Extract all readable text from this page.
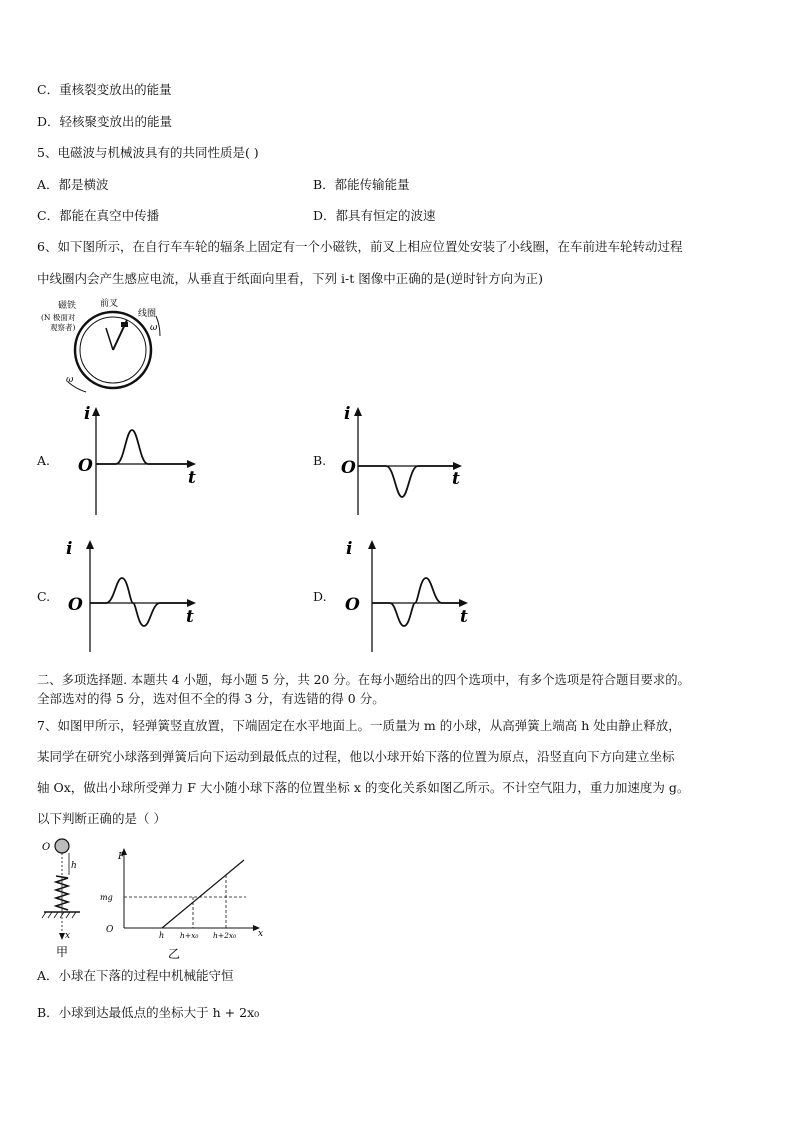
C．重核裂变放出的能量
D．轻核聚变放出的能量
5、电磁波与机械波具有的共同性质是( )
A．都是横波	B．都能传输能量
C．都能在真空中传播	D．都具有恒定的波速
6、如下图所示，在自行车车轮的辐条上固定有一个小磁铁，前叉上相应位置处安装了小线圈，在车前进车轮转动过程
中线圈内会产生感应电流，从垂直于纸面向里看，下列 i-t 图像中正确的是(逆时针方向为正)
磁铁
(N 极面对
观察者)
前叉
线圈
ω
ω
A.	B.
C.	D.
i
O
t
i
O
t
i
O
t
i
O
t
二、多项选择题. 本题共 4 小题，每小题 5 分，共 20 分。在每小题给出的四个选项中，有多个选项是符合题目要求的。
全部选对的得 5 分，选对但不全的得 3 分，有选错的得 0 分。
7、如图甲所示，轻弹簧竖直放置，下端固定在水平地面上。一质量为 m 的小球，从高弹簧上端高 h 处由静止释放，
某同学在研究小球落到弹簧后向下运动到最低点的过程，他以小球开始下落的位置为原点，沿竖直向下方向建立坐标
轴 Ox，做出小球所受弹力 F 大小随小球下落的位置坐标 x 的变化关系如图乙所示。不计空气阻力，重力加速度为 g。
以下判断正确的是（ ）
O
h
x
甲
F
O
mg
h h+x₀ h+2x₀ x
乙
A．小球在下落的过程中机械能守恒
B．小球到达最低点的坐标大于 h + 2x₀
